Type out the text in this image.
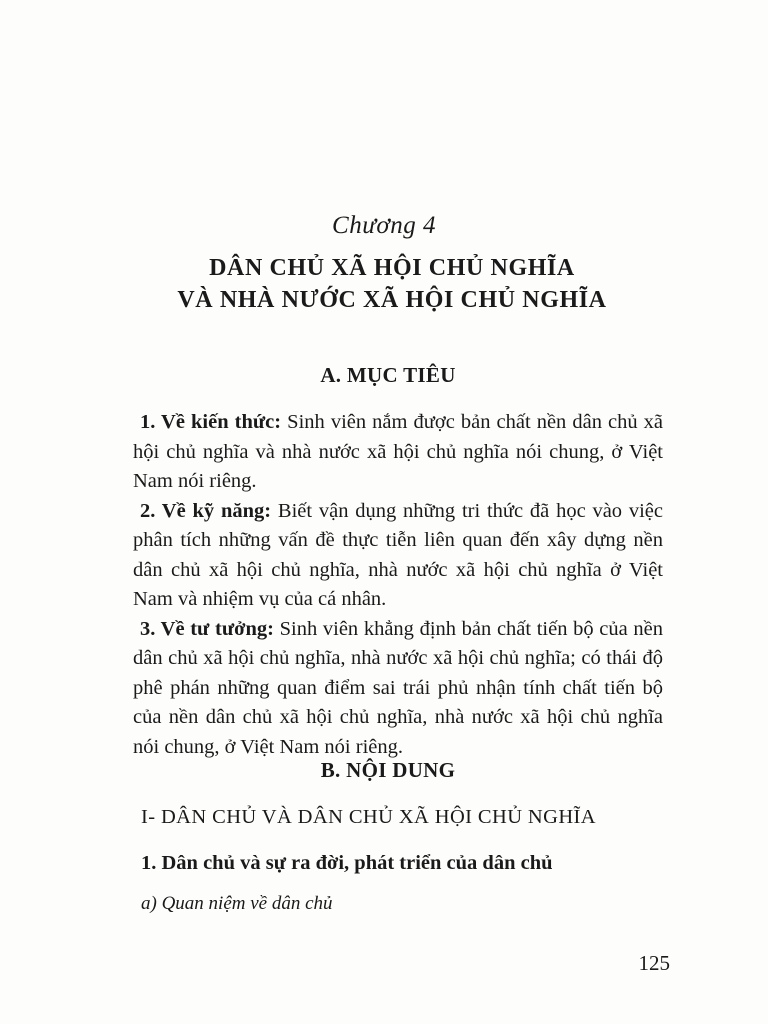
Chương 4
DÂN CHỦ XÃ HỘI CHỦ NGHĨA
VÀ NHÀ NƯỚC XÃ HỘI CHỦ NGHĨA
A. MỤC TIÊU

1. Về kiến thức: Sinh viên nắm được bản chất nền dân chủ xã hội chủ nghĩa và nhà nước xã hội chủ nghĩa nói chung, ở Việt Nam nói riêng.

2. Về kỹ năng: Biết vận dụng những tri thức đã học vào việc phân tích những vấn đề thực tiễn liên quan đến xây dựng nền dân chủ xã hội chủ nghĩa, nhà nước xã hội chủ nghĩa ở Việt Nam và nhiệm vụ của cá nhân.

3. Về tư tưởng: Sinh viên khẳng định bản chất tiến bộ của nền dân chủ xã hội chủ nghĩa, nhà nước xã hội chủ nghĩa; có thái độ phê phán những quan điểm sai trái phủ nhận tính chất tiến bộ của nền dân chủ xã hội chủ nghĩa, nhà nước xã hội chủ nghĩa nói chung, ở Việt Nam nói riêng.

B. NỘI DUNG
I- DÂN CHỦ VÀ DÂN CHỦ XÃ HỘI CHỦ NGHĨA
1. Dân chủ và sự ra đời, phát triển của dân chủ
a) Quan niệm về dân chủ
125
